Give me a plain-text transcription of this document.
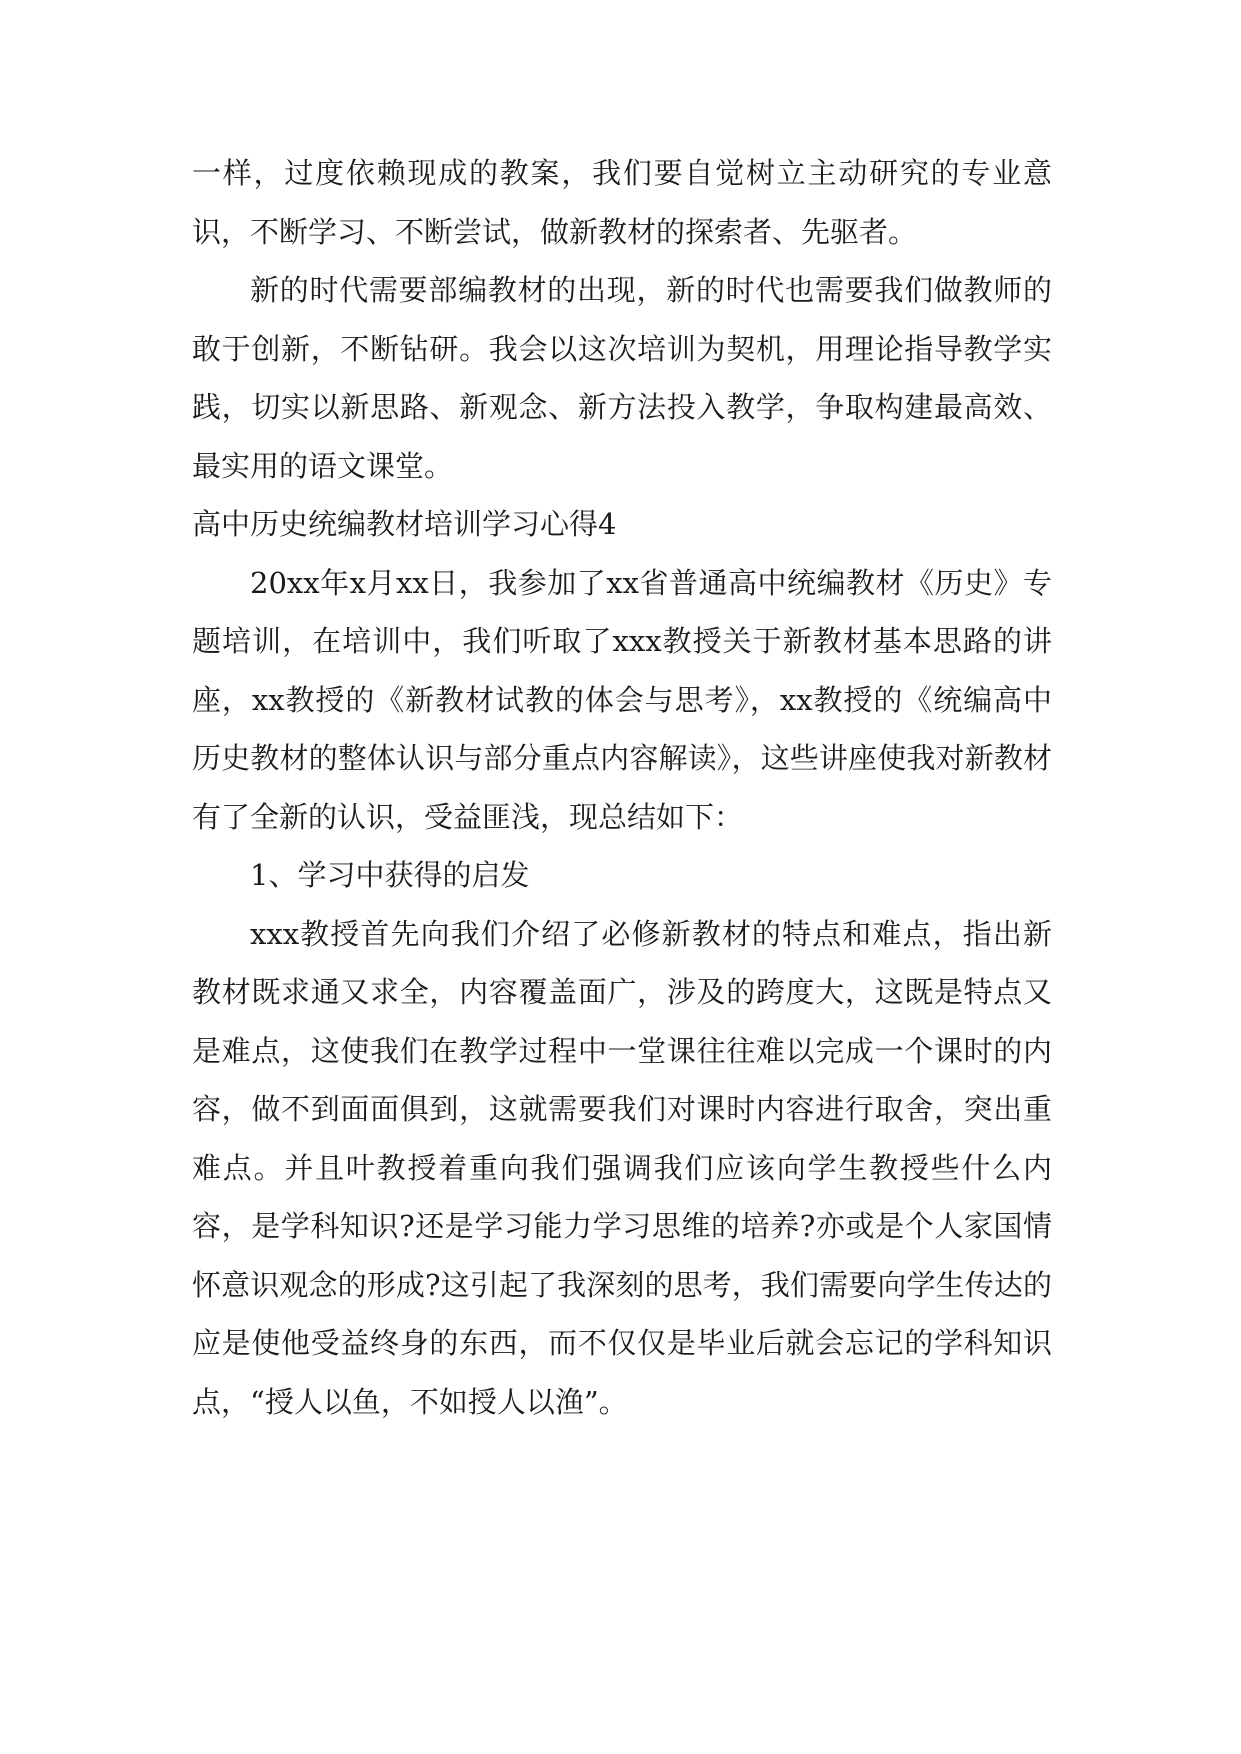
一样，过度依赖现成的教案，我们要自觉树立主动研究的专业意识，不断学习、不断尝试，做新教材的探索者、先驱者。

新的时代需要部编教材的出现，新的时代也需要我们做教师的敢于创新，不断钻研。我会以这次培训为契机，用理论指导教学实践，切实以新思路、新观念、新方法投入教学，争取构建最高效、最实用的语文课堂。

高中历史统编教材培训学习心得4

20xx年x月xx日，我参加了xx省普通高中统编教材《历史》专题培训，在培训中，我们听取了xxx教授关于新教材基本思路的讲座，xx教授的《新教材试教的体会与思考》，xx教授的《统编高中历史教材的整体认识与部分重点内容解读》，这些讲座使我对新教材有了全新的认识，受益匪浅，现总结如下：

1、学习中获得的启发

xxx教授首先向我们介绍了必修新教材的特点和难点，指出新教材既求通又求全，内容覆盖面广，涉及的跨度大，这既是特点又是难点，这使我们在教学过程中一堂课往往难以完成一个课时的内容，做不到面面俱到，这就需要我们对课时内容进行取舍，突出重难点。并且叶教授着重向我们强调我们应该向学生教授些什么内容，是学科知识?还是学习能力学习思维的培养?亦或是个人家国情怀意识观念的形成?这引起了我深刻的思考，我们需要向学生传达的应是使他受益终身的东西，而不仅仅是毕业后就会忘记的学科知识点，“授人以鱼，不如授人以渔”。
